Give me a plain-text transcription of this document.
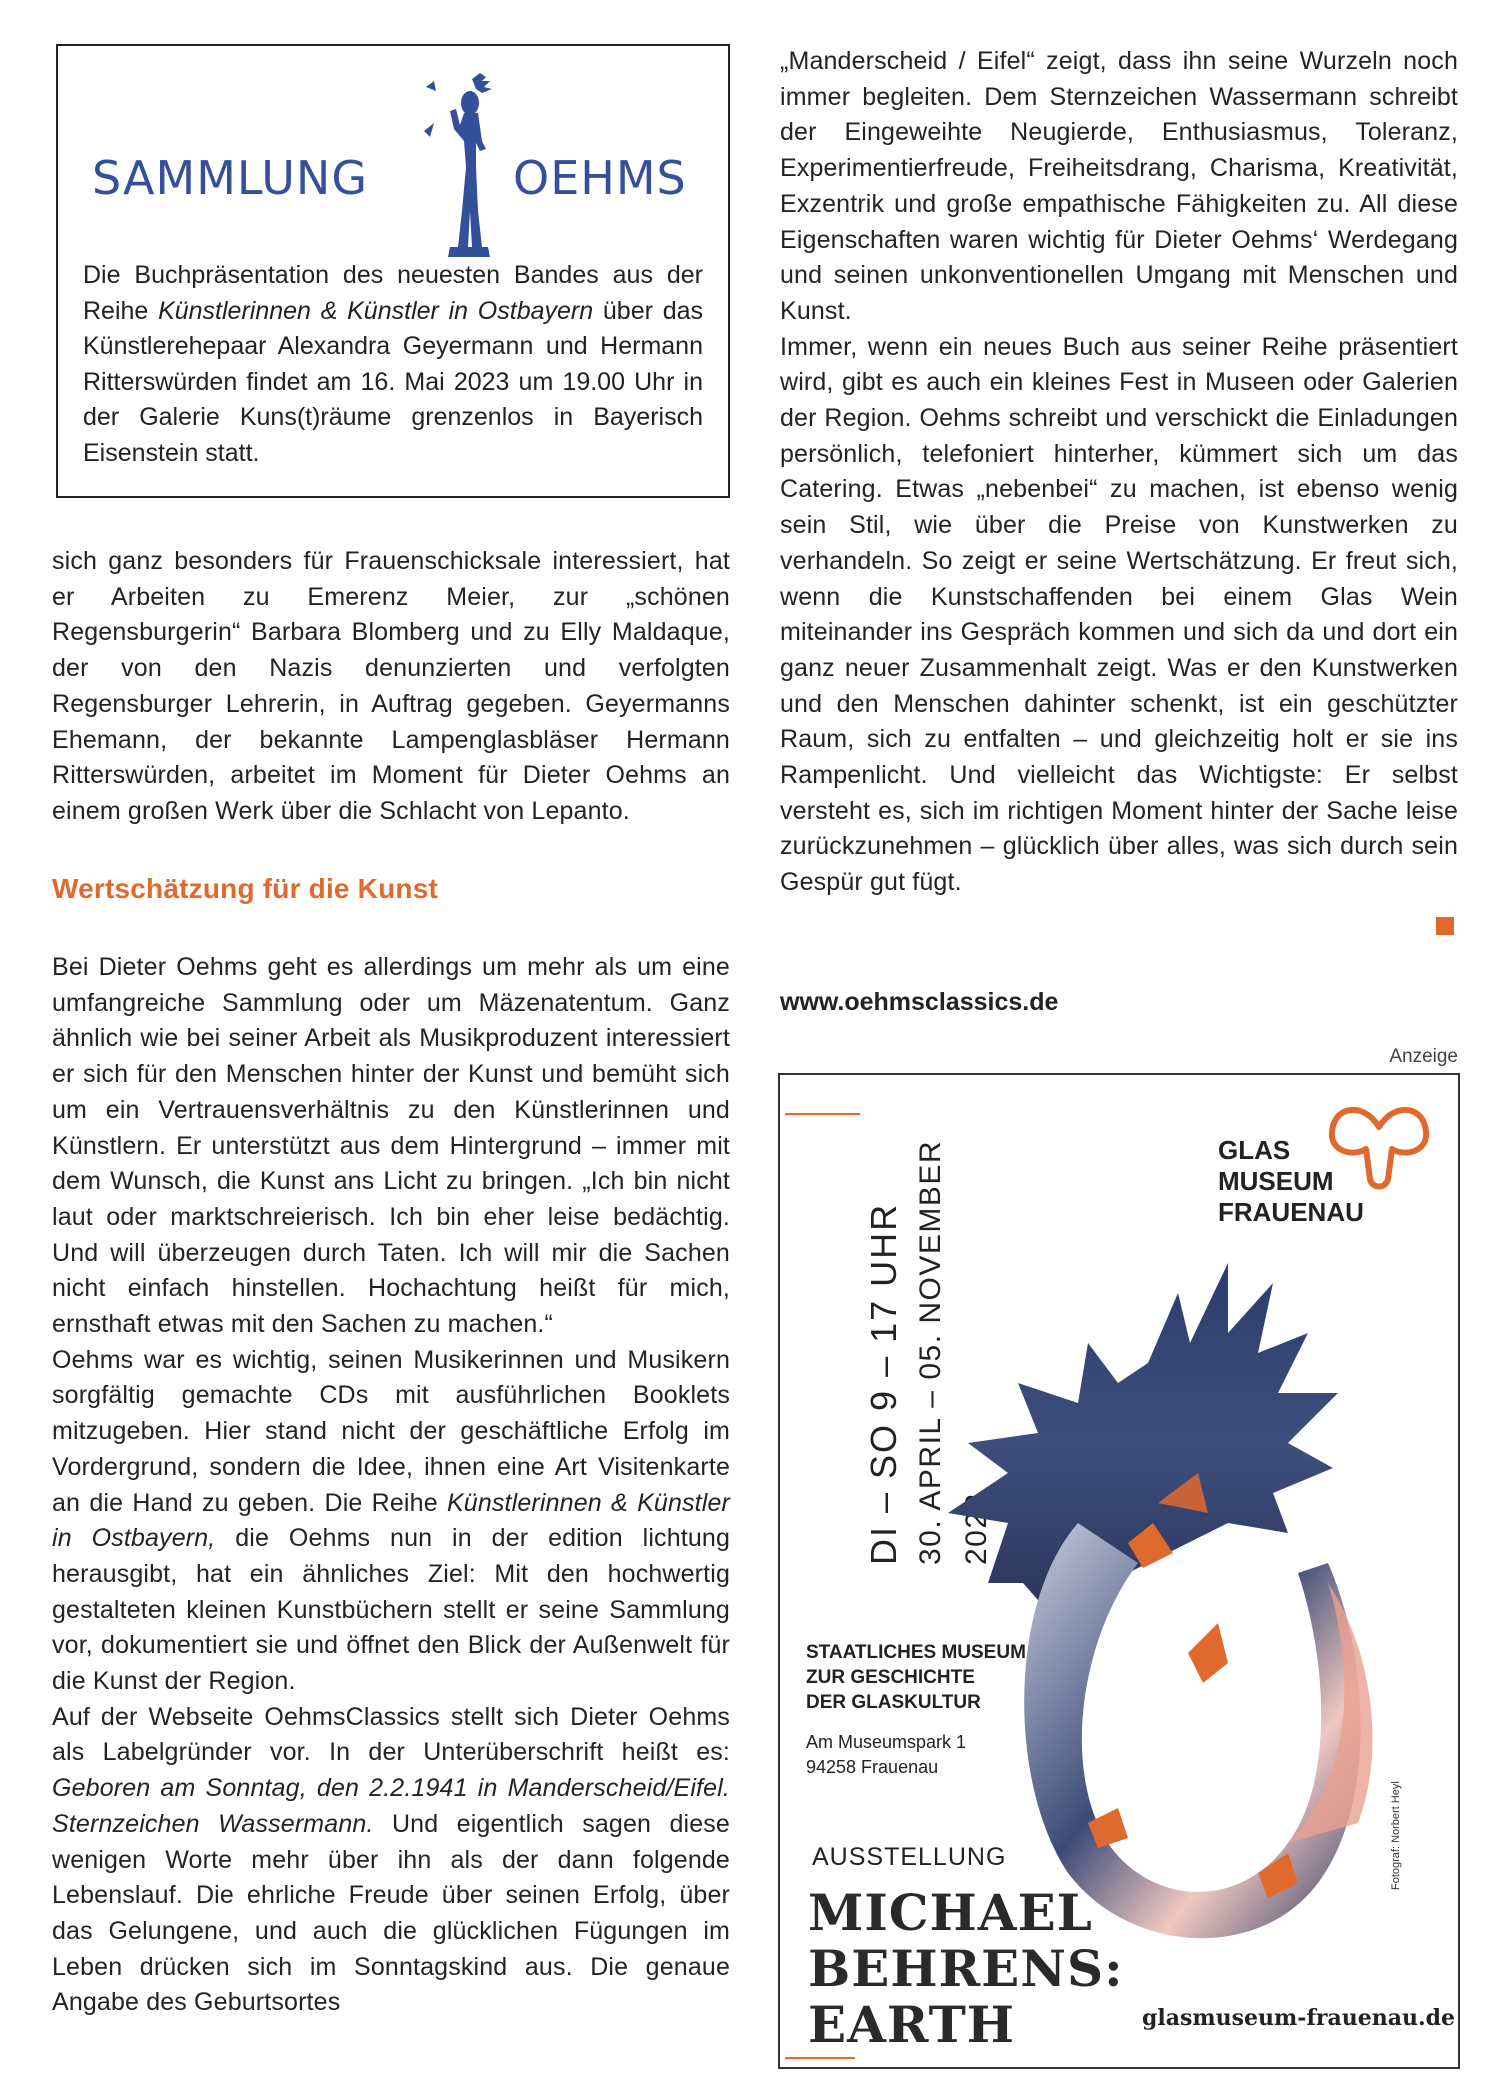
SAMMLUNG	OEHMS
Die Buchpräsentation des neuesten Bandes aus der Reihe Künstlerinnen & Künstler in Ostbayern über das Künstlerehepaar Alexandra Geyermann und Hermann Ritterswürden findet am 16. Mai 2023 um 19.00 Uhr in der Galerie Kuns(t)räume grenzenlos in Bayerisch Eisenstein statt.

sich ganz besonders für Frauenschicksale interessiert, hat er Arbeiten zu Emerenz Meier, zur „schönen Regensburgerin“ Barbara Blomberg und zu Elly Maldaque, der von den Nazis denunzierten und verfolgten Regensburger Lehrerin, in Auftrag gegeben. Geyermanns Ehemann, der bekannte Lampenglasbläser Hermann Ritterswürden, arbeitet im Moment für Dieter Oehms an einem großen Werk über die Schlacht von Lepanto.

Wertschätzung für die Kunst

Bei Dieter Oehms geht es allerdings um mehr als um eine umfangreiche Sammlung oder um Mäzenatentum. Ganz ähnlich wie bei seiner Arbeit als Musikproduzent interessiert er sich für den Menschen hinter der Kunst und bemüht sich um ein Vertrauensverhältnis zu den Künstlerinnen und Künstlern. Er unterstützt aus dem Hintergrund – immer mit dem Wunsch, die Kunst ans Licht zu bringen. „Ich bin nicht laut oder marktschreierisch. Ich bin eher leise bedächtig. Und will überzeugen durch Taten. Ich will mir die Sachen nicht einfach hinstellen. Hochachtung heißt für mich, ernsthaft etwas mit den Sachen zu machen.“

Oehms war es wichtig, seinen Musikerinnen und Musikern sorgfältig gemachte CDs mit ausführlichen Booklets mitzugeben. Hier stand nicht der geschäftliche Erfolg im Vordergrund, sondern die Idee, ihnen eine Art Visitenkarte an die Hand zu geben. Die Reihe Künstlerinnen & Künstler in Ostbayern, die Oehms nun in der edition lichtung herausgibt, hat ein ähnliches Ziel: Mit den hochwertig gestalteten kleinen Kunstbüchern stellt er seine Sammlung vor, dokumentiert sie und öffnet den Blick der Außenwelt für die Kunst der Region.

Auf der Webseite OehmsClassics stellt sich Dieter Oehms als Labelgründer vor. In der Unterüberschrift heißt es: Geboren am Sonntag, den 2.2.1941 in Manderscheid/Eifel. Sternzeichen Wassermann. Und eigentlich sagen diese wenigen Worte mehr über ihn als der dann folgende Lebenslauf. Die ehrliche Freude über seinen Erfolg, über das Gelungene, und auch die glücklichen Fügungen im Leben drücken sich im Sonntagskind aus. Die genaue Angabe des Geburtsortes

„Manderscheid / Eifel“ zeigt, dass ihn seine Wurzeln noch immer begleiten. Dem Sternzeichen Wassermann schreibt der Eingeweihte Neugierde, Enthusiasmus, Toleranz, Experimentierfreude, Freiheitsdrang, Charisma, Kreativität, Exzentrik und große empathische Fähigkeiten zu. All diese Eigenschaften waren wichtig für Dieter Oehms‘ Werdegang und seinen unkonventionellen Umgang mit Menschen und Kunst.

Immer, wenn ein neues Buch aus seiner Reihe präsentiert wird, gibt es auch ein kleines Fest in Museen oder Galerien der Region. Oehms schreibt und verschickt die Einladungen persönlich, telefoniert hinterher, kümmert sich um das Catering. Etwas „nebenbei“ zu machen, ist ebenso wenig sein Stil, wie über die Preise von Kunstwerken zu verhandeln. So zeigt er seine Wertschätzung. Er freut sich, wenn die Kunstschaffenden bei einem Glas Wein miteinander ins Gespräch kommen und sich da und dort ein ganz neuer Zusammenhalt zeigt. Was er den Kunstwerken und den Menschen dahinter schenkt, ist ein geschützter Raum, sich zu entfalten – und gleichzeitig holt er sie ins Rampenlicht. Und vielleicht das Wichtigste: Er selbst versteht es, sich im richtigen Moment hinter der Sache leise zurückzunehmen – glücklich über alles, was sich durch sein Gespür gut fügt.

www.oehmsclassics.de
Anzeige
DI – SO 9 – 17 UHR 30. APRIL – 05. NOVEMBER 2023
GLAS
MUSEUM
FRAUENAU
STAATLICHES MUSEUM
ZUR GESCHICHTE
DER GLASKULTUR
Am Museumspark 1
94258 Frauenau
Fotograf: Norbert Heyl
AUSSTELLUNG
MICHAEL
BEHRENS:
EARTH	glasmuseum-frauenau.de
